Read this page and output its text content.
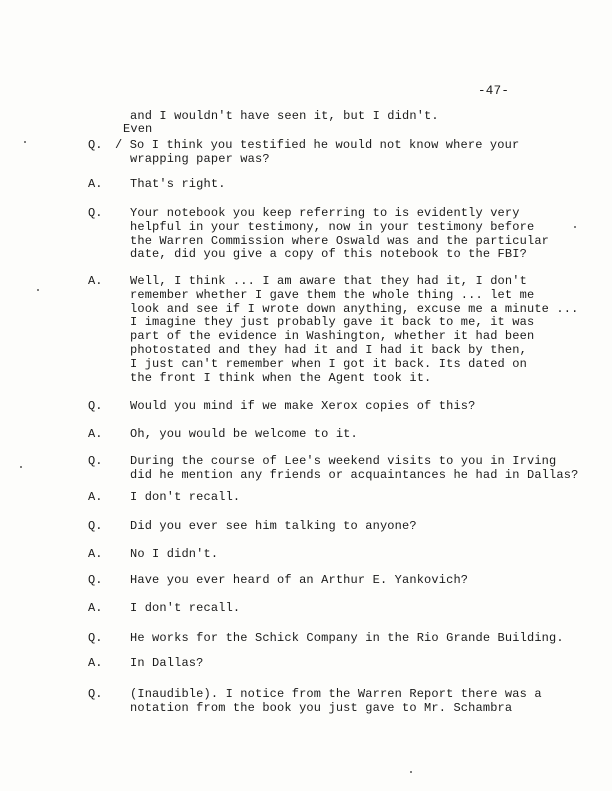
-47-
and I wouldn't have seen it, but I didn't.
Even
Q. / So I think you testified he would not know where your
wrapping paper was?
A. That's right.
Q. Your notebook you keep referring to is evidently very
helpful in your testimony, now in your testimony before
the Warren Commission where Oswald was and the particular
date, did you give a copy of this notebook to the FBI?
A. Well, I think ... I am aware that they had it, I don't
remember whether I gave them the whole thing ... let me
look and see if I wrote down anything, excuse me a minute ...
I imagine they just probably gave it back to me, it was
part of the evidence in Washington, whether it had been
photostated and they had it and I had it back by then,
I just can't remember when I got it back. Its dated on
the front I think when the Agent took it.
Q. Would you mind if we make Xerox copies of this?
A. Oh, you would be welcome to it.
Q. During the course of Lee's weekend visits to you in Irving
did he mention any friends or acquaintances he had in Dallas?
A. I don't recall.
Q. Did you ever see him talking to anyone?
A. No I didn't.
Q. Have you ever heard of an Arthur E. Yankovich?
A. I don't recall.
Q. He works for the Schick Company in the Rio Grande Building.
A. In Dallas?
Q. (Inaudible). I notice from the Warren Report there was a
notation from the book you just gave to Mr. Schambra
